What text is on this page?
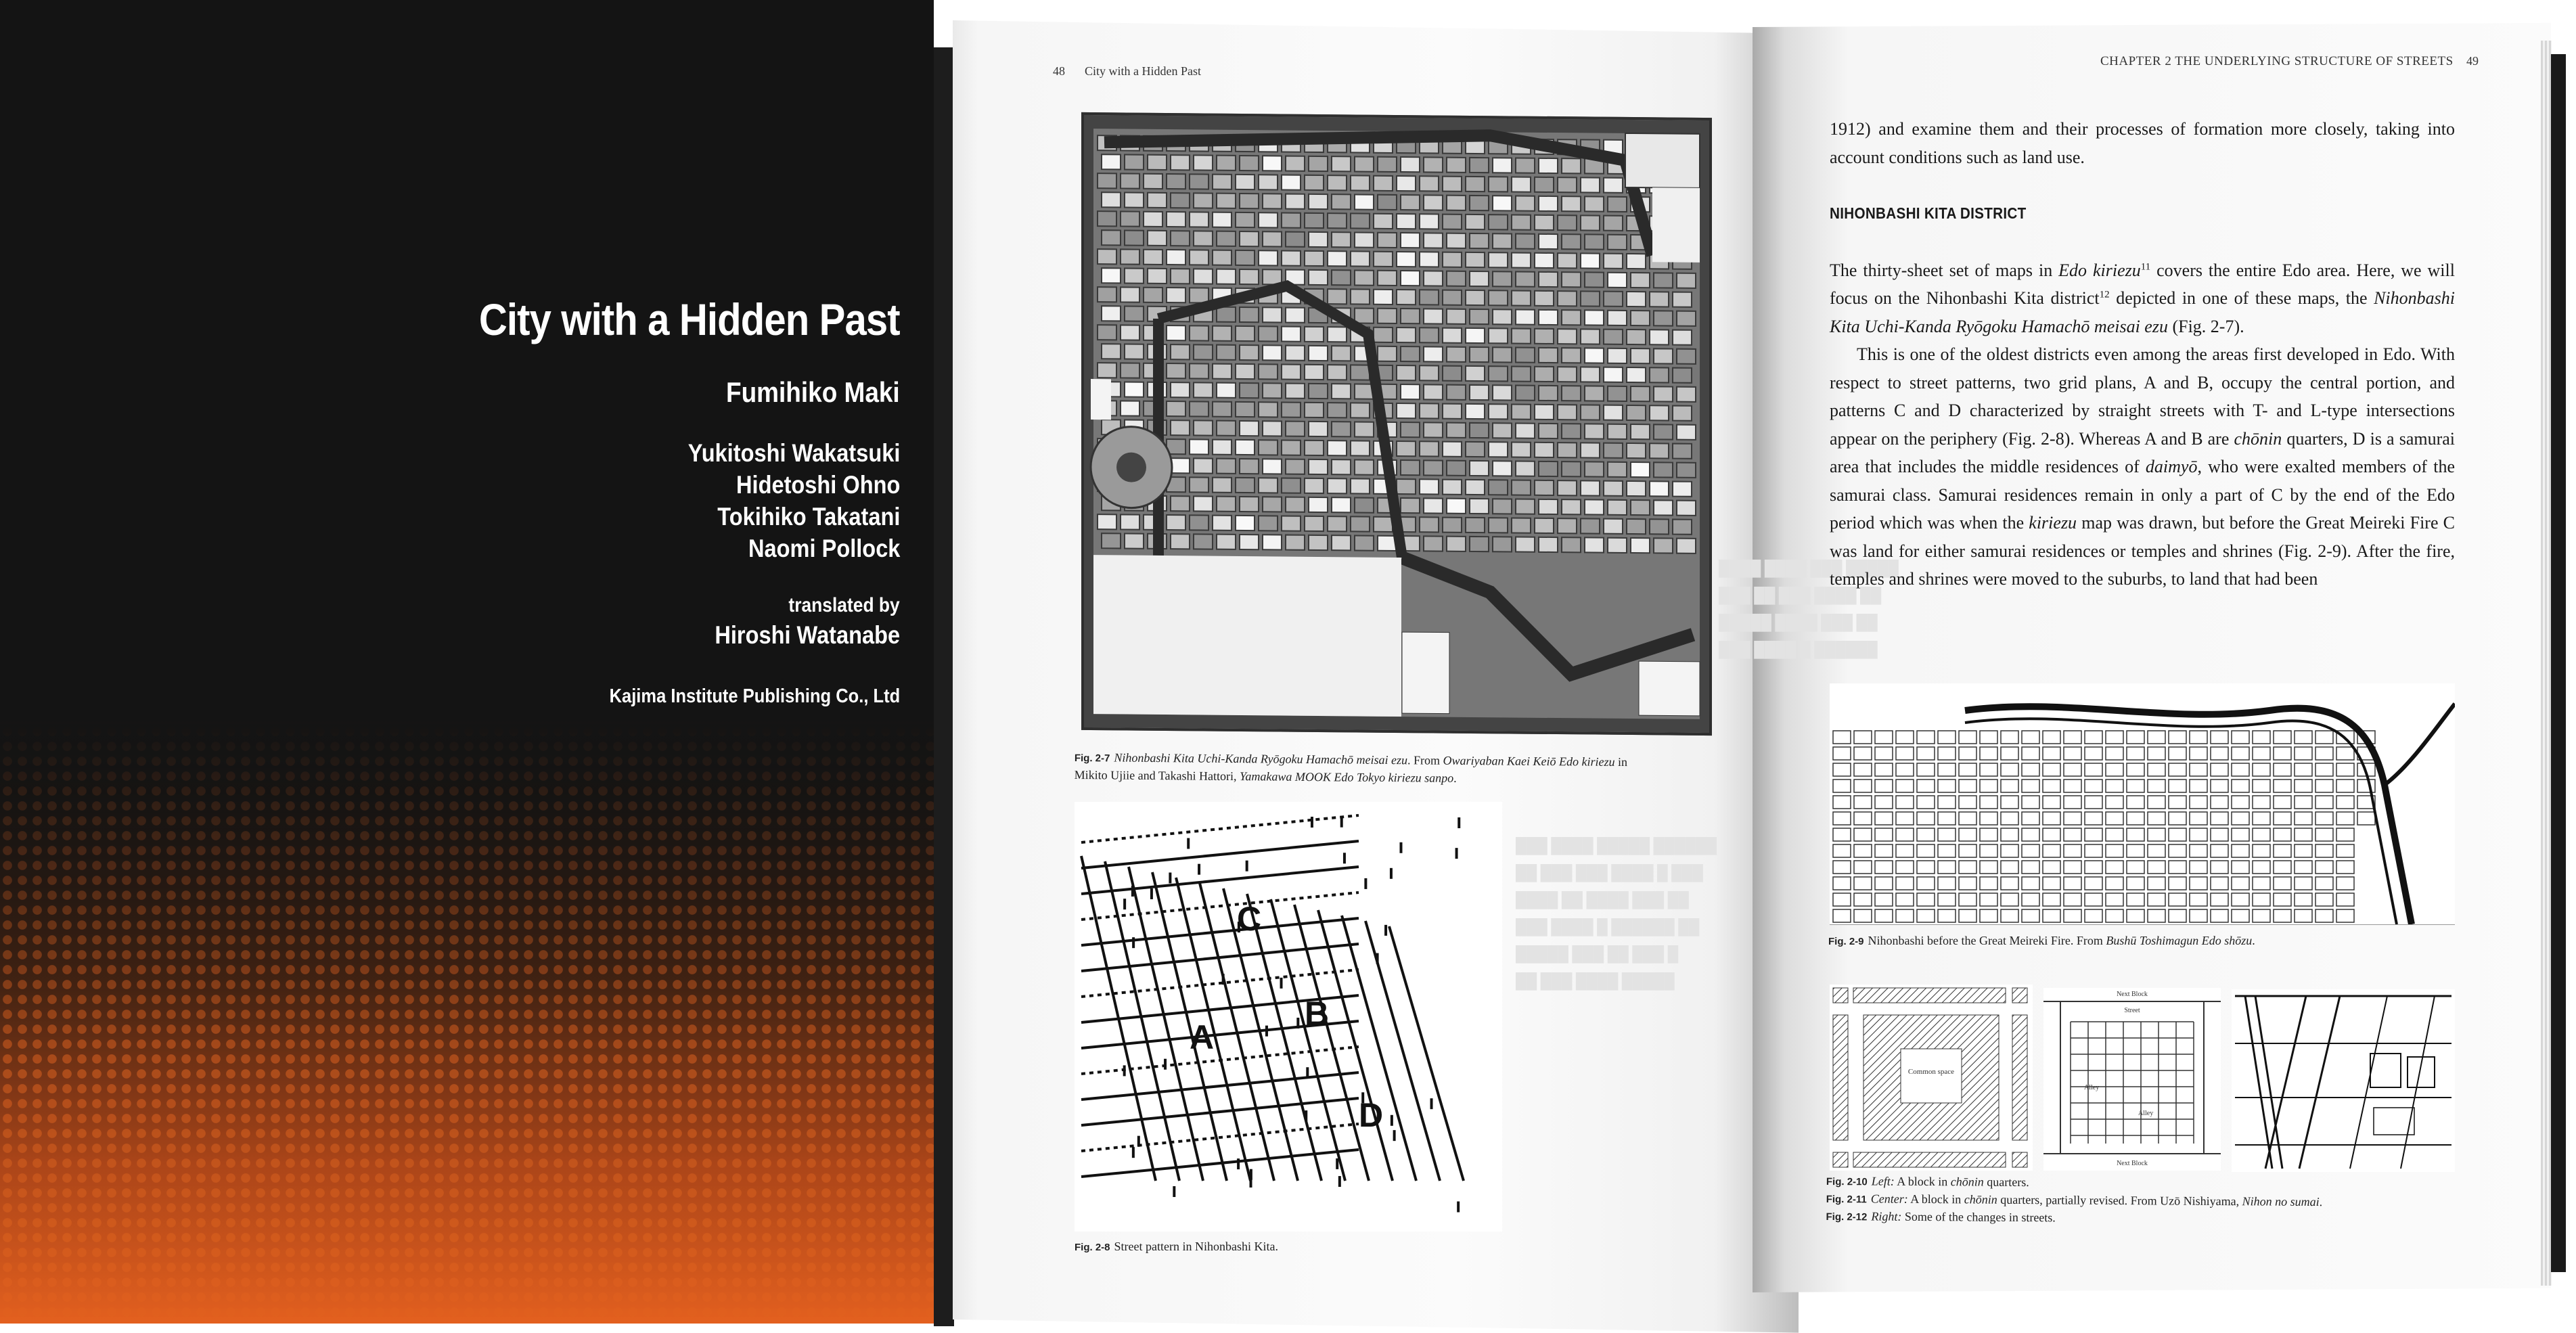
City with a Hidden Past
Fumihiko Maki
Yukitoshi Wakatsuki
Hidetoshi Ohno
Tokihiko Takatani
Naomi Pollock
translated by
Hiroshi Watanabe
Kajima Institute Publishing Co., Ltd
████ ████ ███ █████
███ ██ ███ ████ ██
█████ ████ ███ ██
███ ████ █ ██████
███ ████ █████ ██████
██ ███ ███ ████ █ ███
████ ██ ████ ███ ██
███ ████ █ ██████ ██
█████ ███ ██ ███ █
██ ███ ████ █████
48 City with a Hidden Past
Fig. 2-7 Nihonbashi Kita Uchi-Kanda Ryōgoku Hamachō meisai ezu. From Owariyaban Kaei Keiō Edo kiriezu in
Mikito Ujiie and Takashi Hattori, Yamakawa MOOK Edo Tokyo kiriezu sanpo.
C
B
A
D
Fig. 2-8 Street pattern in Nihonbashi Kita.
CHAPTER 2 THE UNDERLYING STRUCTURE OF STREETS 49

1912) and examine them and their processes of formation more closely, taking into account conditions such as land use.

NIHONBASHI KITA DISTRICT

The thirty-sheet set of maps in Edo kiriezu$^{11}$ covers the entire Edo area. Here, we will focus on the Nihonbashi Kita district$^{12}$ depicted in one of these maps, the Nihonbashi Kita Uchi-Kanda Ryōgoku Hamachō meisai ezu (Fig. 2-7).

This is one of the oldest districts even among the areas first developed in Edo. With respect to street patterns, two grid plans, A and B, occupy the central portion, and patterns C and D characterized by straight streets with T- and L-type intersections appear on the periphery (Fig. 2-8). Whereas A and B are chōnin quarters, D is a samurai area that includes the middle residences of daimyō, who were exalted members of the samurai class. Samurai residences remain in only a part of C by the end of the Edo period which was when the kiriezu map was drawn, but before the Great Meireki Fire C was land for either samurai residences or temples and shrines (Fig. 2-9). After the fire, temples and shrines were moved to the suburbs, to land that had been

Fig. 2-9 Nihonbashi before the Great Meireki Fire. From Bushū Toshimagun Edo shōzu.
Common space
Next Block
Next Block
Street
Alley
Alley
Fig. 2-10 Left: A block in chōnin quarters.
Fig. 2-11 Center: A block in chōnin quarters, partially revised. From Uzō Nishiyama, Nihon no sumai.
Fig. 2-12 Right: Some of the changes in streets.
